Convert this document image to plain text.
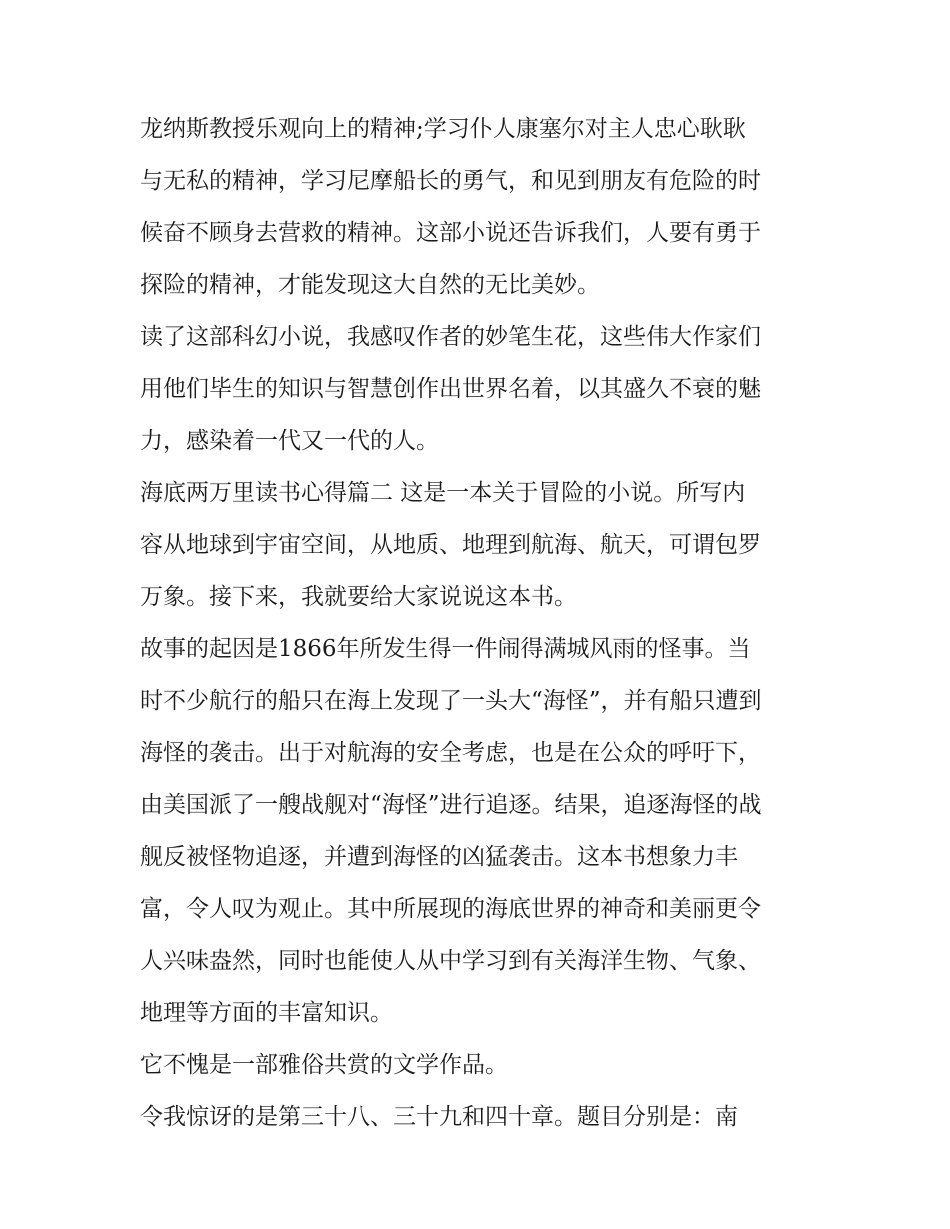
龙纳斯教授乐观向上的精神;学习仆人康塞尔对主人忠心耿耿
与无私的精神，学习尼摩船长的勇气，和见到朋友有危险的时
候奋不顾身去营救的精神。这部小说还告诉我们，人要有勇于
探险的精神，才能发现这大自然的无比美妙。
读了这部科幻小说，我感叹作者的妙笔生花，这些伟大作家们
用他们毕生的知识与智慧创作出世界名着，以其盛久不衰的魅
力，感染着一代又一代的人。
海底两万里读书心得篇二 这是一本关于冒险的小说。所写内
容从地球到宇宙空间，从地质、地理到航海、航天，可谓包罗
万象。接下来，我就要给大家说说这本书。
故事的起因是1866年所发生得一件闹得满城风雨的怪事。当
时不少航行的船只在海上发现了一头大“海怪”，并有船只遭到
海怪的袭击。出于对航海的安全考虑，也是在公众的呼吁下，
由美国派了一艘战舰对“海怪”进行追逐。结果，追逐海怪的战
舰反被怪物追逐，并遭到海怪的凶猛袭击。这本书想象力丰
富，令人叹为观止。其中所展现的海底世界的神奇和美丽更令
人兴味盎然，同时也能使人从中学习到有关海洋生物、气象、
地理等方面的丰富知识。
它不愧是一部雅俗共赏的文学作品。
令我惊讶的是第三十八、三十九和四十章。题目分别是：南
